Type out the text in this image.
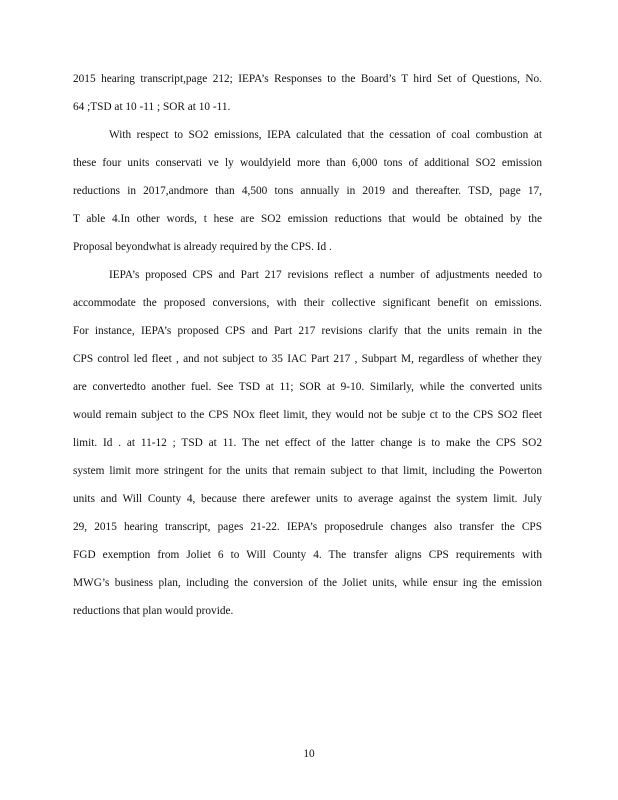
2015 hearing transcript,page 212; IEPA’s Responses to the Board’s T hird Set of Questions, No.
64 ;TSD at 10 -11 ; SOR at 10 -11.
With respect to SO2 emissions, IEPA calculated that the cessation of coal combustion at
these four units conservati ve ly wouldyield more than 6,000 tons of additional SO2 emission
reductions in 2017,andmore than 4,500 tons annually in 2019 and thereafter. TSD, page 17,
T able 4.In other words, t hese are SO2 emission reductions that would be obtained by the
Proposal beyondwhat is already required by the CPS. Id .
IEPA’s proposed CPS and Part 217 revisions reflect a number of adjustments needed to
accommodate the proposed conversions, with their collective significant benefit on emissions.
For instance, IEPA’s proposed CPS and Part 217 revisions clarify that the units remain in the
CPS control led fleet , and not subject to 35 IAC Part 217 , Subpart M, regardless of whether they
are convertedto another fuel. See TSD at 11; SOR at 9-10. Similarly, while the converted units
would remain subject to the CPS NOx fleet limit, they would not be subje ct to the CPS SO2 fleet
limit. Id . at 11-12 ; TSD at 11. The net effect of the latter change is to make the CPS SO2
system limit more stringent for the units that remain subject to that limit, including the Powerton
units and Will County 4, because there arefewer units to average against the system limit. July
29, 2015 hearing transcript, pages 21-22. IEPA’s proposedrule changes also transfer the CPS
FGD exemption from Joliet 6 to Will County 4. The transfer aligns CPS requirements with
MWG’s business plan, including the conversion of the Joliet units, while ensur ing the emission
reductions that plan would provide.
10
